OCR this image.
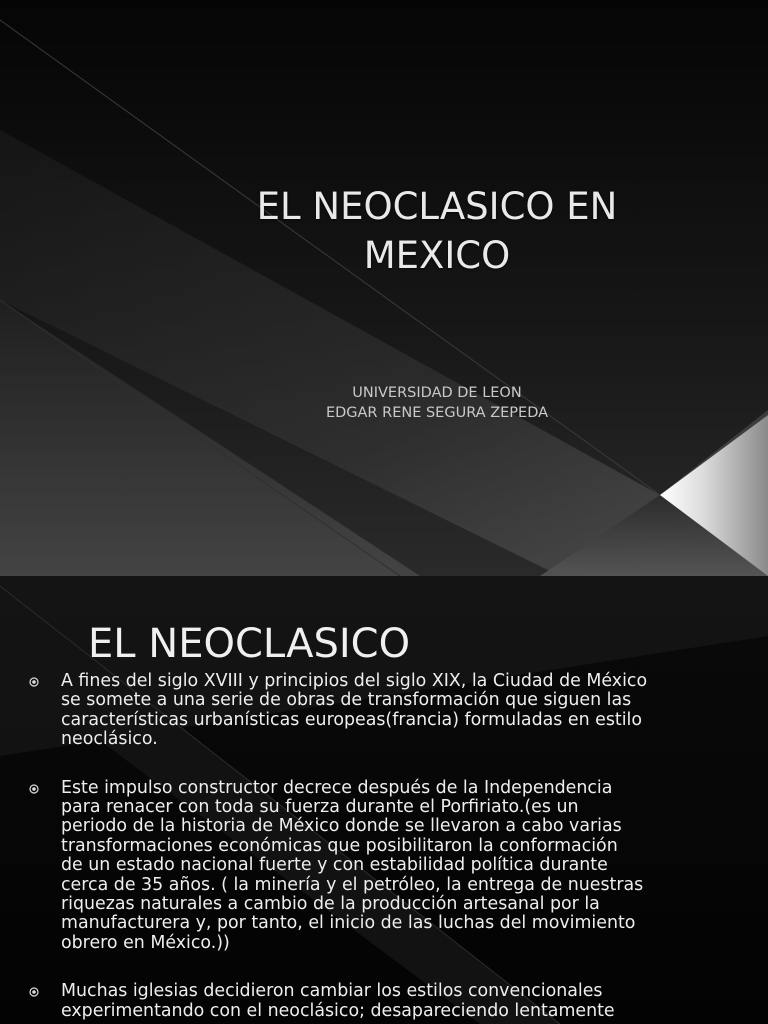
EL NEOCLASICO EN
MEXICO
UNIVERSIDAD DE LEON
EDGAR RENE SEGURA ZEPEDA
EL NEOCLASICO
A fines del siglo XVIII y principios del siglo XIX, la Ciudad de México
se somete a una serie de obras de transformación que siguen las
características urbanísticas europeas(francia) formuladas en estilo
neoclásico.
Este impulso constructor decrece después de la Independencia
para renacer con toda su fuerza durante el Porfiriato.(es un
periodo de la historia de México donde se llevaron a cabo varias
transformaciones económicas que posibilitaron la conformación
de un estado nacional fuerte y con estabilidad política durante
cerca de 35 años. ( la minería y el petróleo, la entrega de nuestras
riquezas naturales a cambio de la producción artesanal por la
manufacturera y, por tanto, el inicio de las luchas del movimiento
obrero en México.))
Muchas iglesias decidieron cambiar los estilos convencionales
experimentando con el neoclásico; desapareciendo lentamente
